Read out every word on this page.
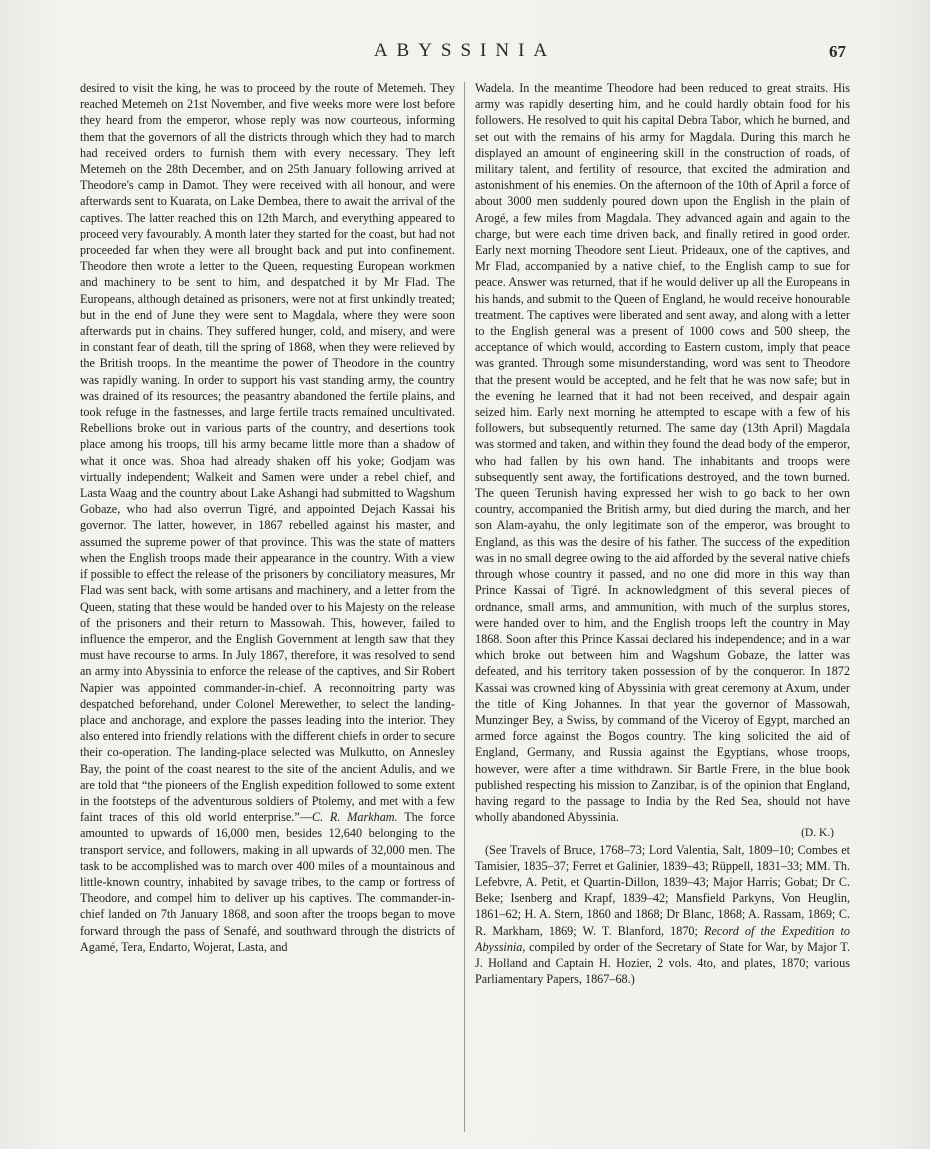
ABYSSINIA	67

desired to visit the king, he was to proceed by the route of Metemeh. They reached Metemeh on 21st November, and five weeks more were lost before they heard from the emperor, whose reply was now courteous, informing them that the governors of all the districts through which they had to march had received orders to furnish them with every necessary. They left Metemeh on the 28th December, and on 25th January following arrived at Theodore's camp in Damot. They were received with all honour, and were afterwards sent to Kuarata, on Lake Dembea, there to await the arrival of the captives. The latter reached this on 12th March, and everything appeared to proceed very favourably. A month later they started for the coast, but had not proceeded far when they were all brought back and put into confinement. Theodore then wrote a letter to the Queen, requesting European workmen and machinery to be sent to him, and despatched it by Mr Flad. The Europeans, although detained as prisoners, were not at first unkindly treated; but in the end of June they were sent to Magdala, where they were soon afterwards put in chains. They suffered hunger, cold, and misery, and were in constant fear of death, till the spring of 1868, when they were relieved by the British troops. In the meantime the power of Theodore in the country was rapidly waning. In order to support his vast standing army, the country was drained of its resources; the peasantry abandoned the fertile plains, and took refuge in the fastnesses, and large fertile tracts remained uncultivated. Rebellions broke out in various parts of the country, and desertions took place among his troops, till his army became little more than a shadow of what it once was. Shoa had already shaken off his yoke; Godjam was virtually independent; Walkeit and Samen were under a rebel chief, and Lasta Waag and the country about Lake Ashangi had submitted to Wagshum Gobaze, who had also overrun Tigré, and appointed Dejach Kassai his governor. The latter, however, in 1867 rebelled against his master, and assumed the supreme power of that province. This was the state of matters when the English troops made their appearance in the country. With a view if possible to effect the release of the prisoners by conciliatory measures, Mr Flad was sent back, with some artisans and machinery, and a letter from the Queen, stating that these would be handed over to his Majesty on the release of the prisoners and their return to Massowah. This, however, failed to influence the emperor, and the English Government at length saw that they must have recourse to arms. In July 1867, therefore, it was resolved to send an army into Abyssinia to enforce the release of the captives, and Sir Robert Napier was appointed commander-in-chief. A reconnoitring party was despatched beforehand, under Colonel Merewether, to select the landing-place and anchorage, and explore the passes leading into the interior. They also entered into friendly relations with the different chiefs in order to secure their co-operation. The landing-place selected was Mulkutto, on Annesley Bay, the point of the coast nearest to the site of the ancient Adulis, and we are told that “the pioneers of the English expedition followed to some extent in the footsteps of the adventurous soldiers of Ptolemy, and met with a few faint traces of this old world enterprise.”—C. R. Markham. The force amounted to upwards of 16,000 men, besides 12,640 belonging to the transport service, and followers, making in all upwards of 32,000 men. The task to be accomplished was to march over 400 miles of a mountainous and little-known country, inhabited by savage tribes, to the camp or fortress of Theodore, and compel him to deliver up his captives. The commander-in-chief landed on 7th January 1868, and soon after the troops began to move forward through the pass of Senafé, and southward through the districts of Agamé, Tera, Endarto, Wojerat, Lasta, and

Wadela. In the meantime Theodore had been reduced to great straits. His army was rapidly deserting him, and he could hardly obtain food for his followers. He resolved to quit his capital Debra Tabor, which he burned, and set out with the remains of his army for Magdala. During this march he displayed an amount of engineering skill in the construction of roads, of military talent, and fertility of resource, that excited the admiration and astonishment of his enemies. On the afternoon of the 10th of April a force of about 3000 men suddenly poured down upon the English in the plain of Arogé, a few miles from Magdala. They advanced again and again to the charge, but were each time driven back, and finally retired in good order. Early next morning Theodore sent Lieut. Prideaux, one of the captives, and Mr Flad, accompanied by a native chief, to the English camp to sue for peace. Answer was returned, that if he would deliver up all the Europeans in his hands, and submit to the Queen of England, he would receive honourable treatment. The captives were liberated and sent away, and along with a letter to the English general was a present of 1000 cows and 500 sheep, the acceptance of which would, according to Eastern custom, imply that peace was granted. Through some misunderstanding, word was sent to Theodore that the present would be accepted, and he felt that he was now safe; but in the evening he learned that it had not been received, and despair again seized him. Early next morning he attempted to escape with a few of his followers, but subsequently returned. The same day (13th April) Magdala was stormed and taken, and within they found the dead body of the emperor, who had fallen by his own hand. The inhabitants and troops were subsequently sent away, the fortifications destroyed, and the town burned. The queen Terunish having expressed her wish to go back to her own country, accompanied the British army, but died during the march, and her son Alam-ayahu, the only legitimate son of the emperor, was brought to England, as this was the desire of his father. The success of the expedition was in no small degree owing to the aid afforded by the several native chiefs through whose country it passed, and no one did more in this way than Prince Kassai of Tigré. In acknowledgment of this several pieces of ordnance, small arms, and ammunition, with much of the surplus stores, were handed over to him, and the English troops left the country in May 1868. Soon after this Prince Kassai declared his independence; and in a war which broke out between him and Wagshum Gobaze, the latter was defeated, and his territory taken possession of by the conqueror. In 1872 Kassai was crowned king of Abyssinia with great ceremony at Axum, under the title of King Johannes. In that year the governor of Massowah, Munzinger Bey, a Swiss, by command of the Viceroy of Egypt, marched an armed force against the Bogos country. The king solicited the aid of England, Germany, and Russia against the Egyptians, whose troops, however, were after a time withdrawn. Sir Bartle Frere, in the blue book published respecting his mission to Zanzibar, is of the opinion that England, having regard to the passage to India by the Red Sea, should not have wholly abandoned Abyssinia.

(D. K.)

(See Travels of Bruce, 1768–73; Lord Valentia, Salt, 1809–10; Combes et Tamisier, 1835–37; Ferret et Galinier, 1839–43; Rüppell, 1831–33; MM. Th. Lefebvre, A. Petit, et Quartin-Dillon, 1839–43; Major Harris; Gobat; Dr C. Beke; Isenberg and Krapf, 1839–42; Mansfield Parkyns, Von Heuglin, 1861–62; H. A. Stern, 1860 and 1868; Dr Blanc, 1868; A. Rassam, 1869; C. R. Markham, 1869; W. T. Blanford, 1870; Record of the Expedition to Abyssinia, compiled by order of the Secretary of State for War, by Major T. J. Holland and Captain H. Hozier, 2 vols. 4to, and plates, 1870; various Parliamentary Papers, 1867–68.)
